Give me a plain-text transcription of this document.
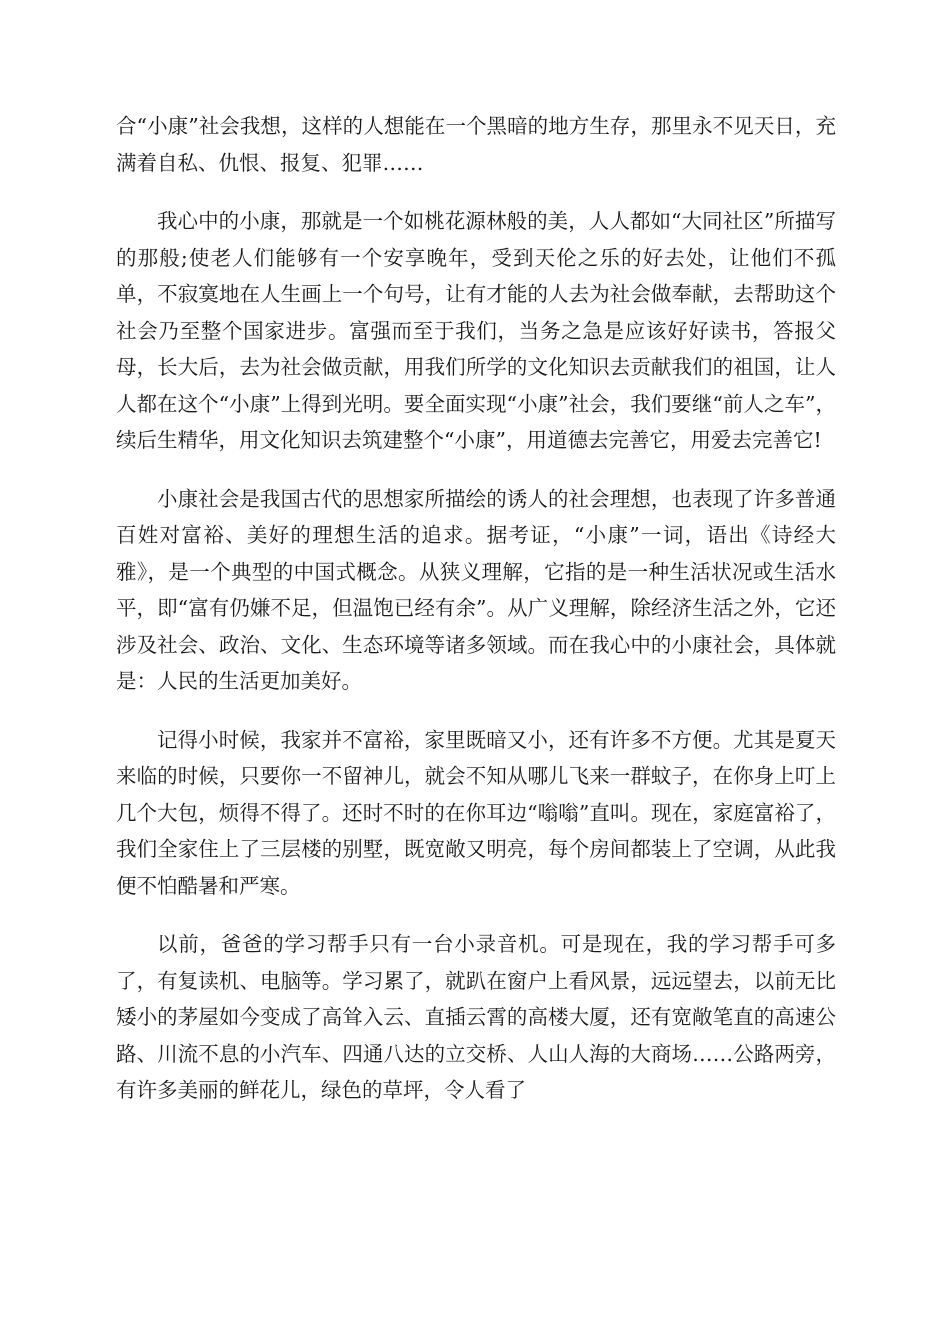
合“小康”社会我想，这样的人想能在一个黑暗的地方生存，那里永不见天日，充满着自私、仇恨、报复、犯罪……

我心中的小康，那就是一个如桃花源林般的美，人人都如“大同社区”所描写的那般;使老人们能够有一个安享晚年，受到天伦之乐的好去处，让他们不孤单，不寂寞地在人生画上一个句号，让有才能的人去为社会做奉献，去帮助这个社会乃至整个国家进步。富强而至于我们，当务之急是应该好好读书，答报父母，长大后，去为社会做贡献，用我们所学的文化知识去贡献我们的祖国，让人人都在这个“小康”上得到光明。要全面实现“小康”社会，我们要继“前人之车”，续后生精华，用文化知识去筑建整个“小康”，用道德去完善它，用爱去完善它!

小康社会是我国古代的思想家所描绘的诱人的社会理想，也表现了许多普通百姓对富裕、美好的理想生活的追求。据考证，“小康”一词，语出《诗经大雅》，是一个典型的中国式概念。从狭义理解，它指的是一种生活状况或生活水平，即“富有仍嫌不足，但温饱已经有余”。从广义理解，除经济生活之外，它还涉及社会、政治、文化、生态环境等诸多领域。而在我心中的小康社会，具体就是：人民的生活更加美好。

记得小时候，我家并不富裕，家里既暗又小，还有许多不方便。尤其是夏天来临的时候，只要你一不留神儿，就会不知从哪儿飞来一群蚊子，在你身上叮上几个大包，烦得不得了。还时不时的在你耳边“嗡嗡”直叫。现在，家庭富裕了，我们全家住上了三层楼的别墅，既宽敞又明亮，每个房间都装上了空调，从此我便不怕酷暑和严寒。

以前，爸爸的学习帮手只有一台小录音机。可是现在，我的学习帮手可多了，有复读机、电脑等。学习累了，就趴在窗户上看风景，远远望去，以前无比矮小的茅屋如今变成了高耸入云、直插云霄的高楼大厦，还有宽敞笔直的高速公路、川流不息的小汽车、四通八达的立交桥、人山人海的大商场……公路两旁，有许多美丽的鲜花儿，绿色的草坪，令人看了
